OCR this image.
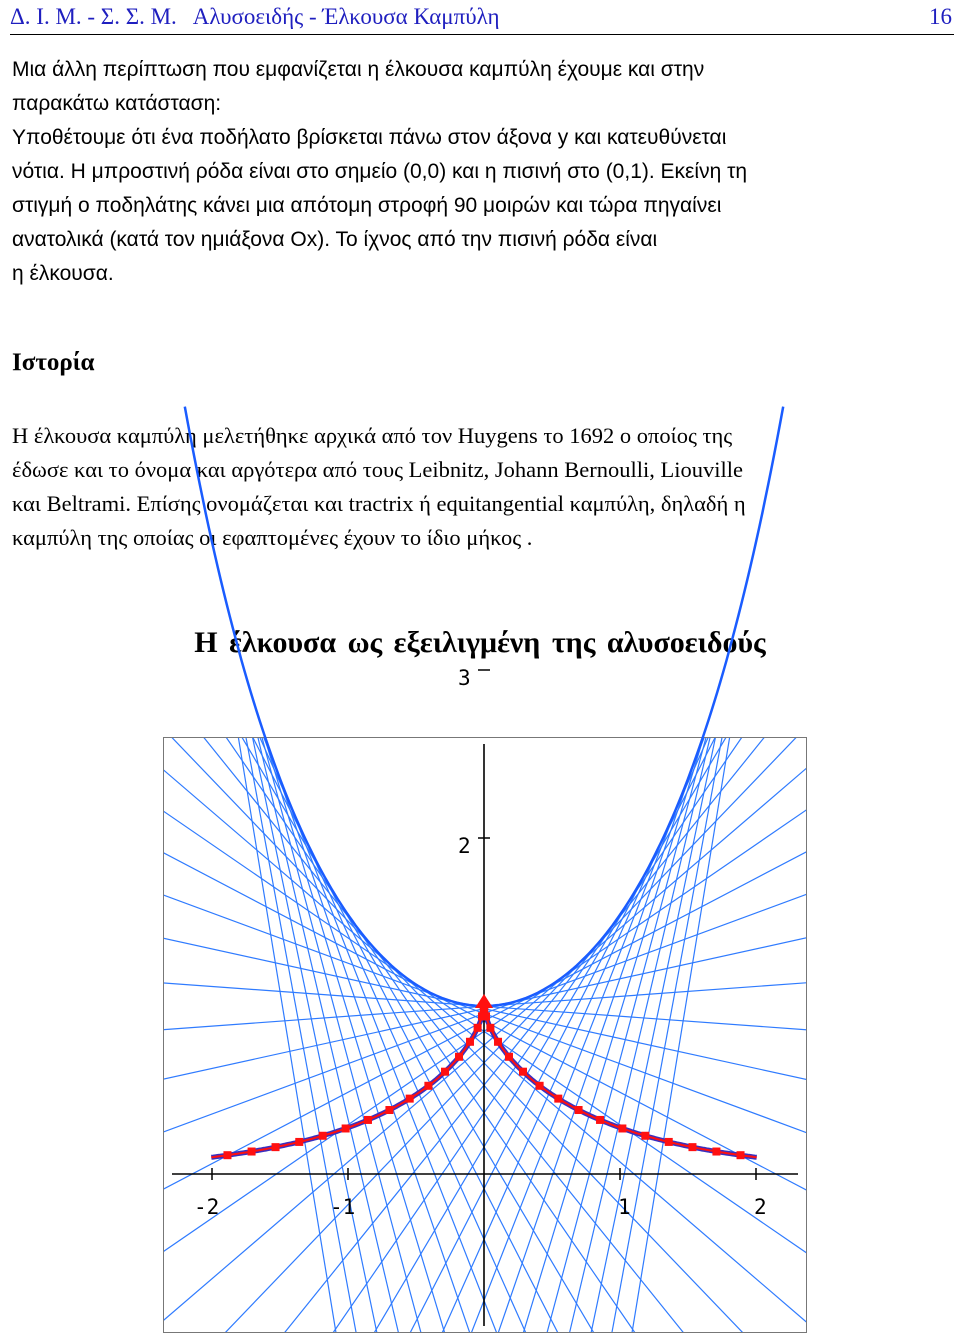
Δ. Ι. Μ. - Σ. Σ. Μ.   Αλυσοειδής - Έλκουσα Καμπύλη	16
Μια άλλη περίπτωση που εμφανίζεται η έλκουσα καμπύλη έχουμε και στην
παρακάτω κατάσταση:
Υποθέτουμε ότι ένα ποδήλατο βρίσκεται πάνω στον άξονα y και κατευθύνεται
νότια. Η μπροστινή ρόδα είναι στο σημείο (0,0) και η πισινή στο (0,1). Εκείνη τη
στιγμή ο ποδηλάτης κάνει μια απότομη στροφή 90 μοιρών και τώρα πηγαίνει
ανατολικά (κατά τον ημιάξονα Οx). Το ίχνος από την πισινή ρόδα είναι
η έλκουσα.
Ιστορία
Η έλκουσα καμπύλη μελετήθηκε αρχικά από τον Huygens το 1692 ο οποίος της
έδωσε και το όνομα και αργότερα από τους Leibnitz, Johann Bernoulli, Liouville
και Beltrami. Επίσης ονομάζεται και tractrix ή equitangential καμπύλη, δηλαδή η
καμπύλη της οποίας οι εφαπτομένες έχουν το ίδιο μήκος .
Η έλκουσα ως εξειλιγμένη της αλυσοειδούς
-2	-1	1	2
2
3
